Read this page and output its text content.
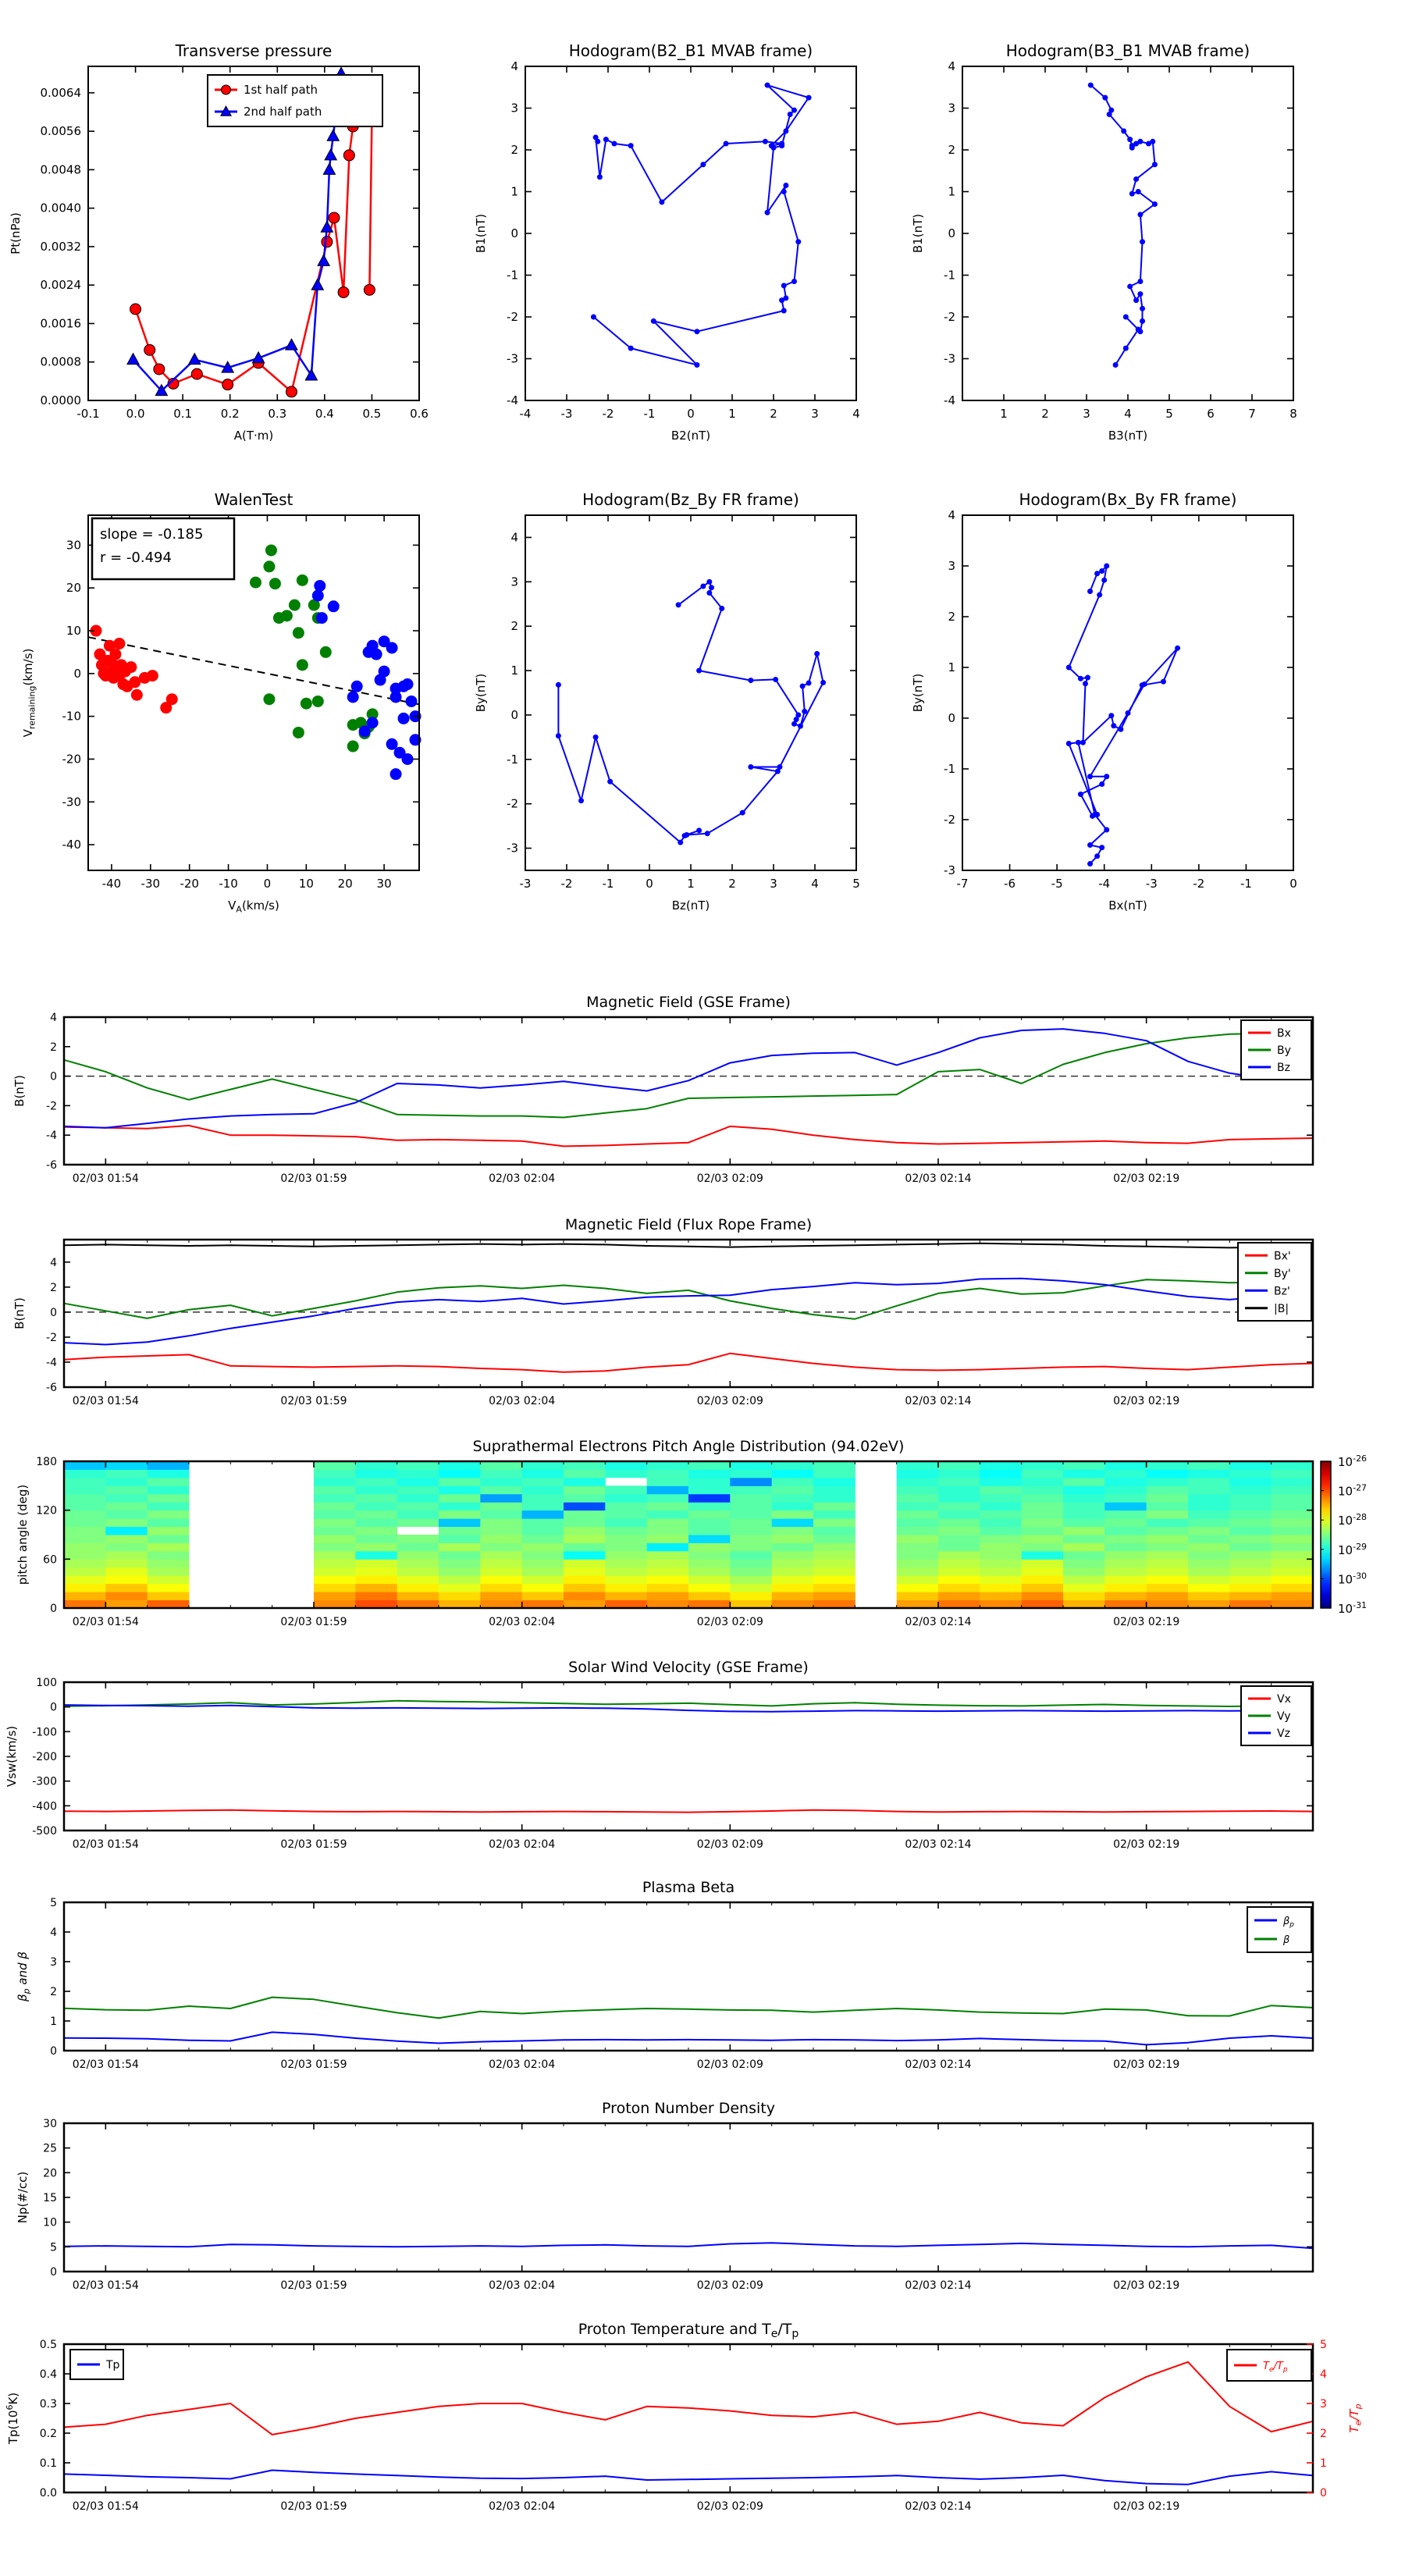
-0.1 0.0 0.1 0.2 0.3 0.4 0.5 0.6
0.0000
0.0008
0.0016
0.0024
0.0032
0.0040
0.0048
0.0056
0.0064
Transverse pressure
A(T·m)
Pt(nPa)
1st half path
2nd half path
-4	-3	-2	-1	0	1	2	3	4
-4
-3
-2
-1
0
1
2
3
4
Hodogram(B2_B1 MVAB frame)
B2(nT)
B1(nT)
1	2	3	4	5	6	7	8
-4
-3
-2
-1
0
1
2
3
4
Hodogram(B3_B1 MVAB frame)
B3(nT)
B1(nT)
-40 -30 -20 -10 0 10 20 30
30
20
10
0
-10
-20
-30
-40
WalenTest
$V_A(km/s)$
$V_{remaining}(km/s)$
slope = -0.185
r = -0.494
-3	-2	-1	0	1	2	3	4	5
-3
-2
-1
0
1
2
3
4
Hodogram(Bz_By FR frame)
Bz(nT)
By(nT)
-7	-6	-5	-4	-3	-2	-1	0
-3
-2
-1
0
1
2
3
4
Hodogram(Bx_By FR frame)
Bx(nT)
By(nT)
02/03 01:54	02/03 01:59	02/03 02:04	02/03 02:09	02/03 02:14	02/03 02:19
4
2
0
-2
-4
-6
Magnetic Field (GSE Frame)
B(nT)
Bx
By
Bz
02/03 01:54	02/03 01:59	02/03 02:04	02/03 02:09	02/03 02:14	02/03 02:19
4
2
0
-2
-4
-6
Magnetic Field (Flux Rope Frame)
B(nT)
Bx'
By'
Bz'
|B|
02/03 01:54	02/03 01:59	02/03 02:04	02/03 02:09	02/03 02:14	02/03 02:19
0
60
120
180
Suprathermal Electrons Pitch Angle Distribution (94.02eV)
pitch angle (deg)
$10^{-26}$
$10^{-27}$
$10^{-28}$
$10^{-29}$
$10^{-30}$
$10^{-31}$
02/03 01:54	02/03 01:59	02/03 02:04	02/03 02:09	02/03 02:14	02/03 02:19
100
0
-100
-200
-300
-400
-500
Solar Wind Velocity (GSE Frame)
Vsw(km/s)
Vx
Vy
Vz
02/03 01:54	02/03 01:59	02/03 02:04	02/03 02:09	02/03 02:14	02/03 02:19
0
1
2
3
4
5
Plasma Beta
$\beta_p$ and β
$\beta_p$
β
02/03 01:54	02/03 01:59	02/03 02:04	02/03 02:09	02/03 02:14	02/03 02:19
0
5
10
15
20
25
30
Proton Number Density
Np(#/cc)
02/03 01:54	02/03 01:59	02/03 02:04	02/03 02:09	02/03 02:14	02/03 02:19
0.0
0.1
0.2
0.3
0.4
0.5
0
1
2
3
4
5
Proton Temperature and $T_e/T_p$
$Tp(10^6K)$
$T_e/T_p$
Tp	$T_e/T_p$
